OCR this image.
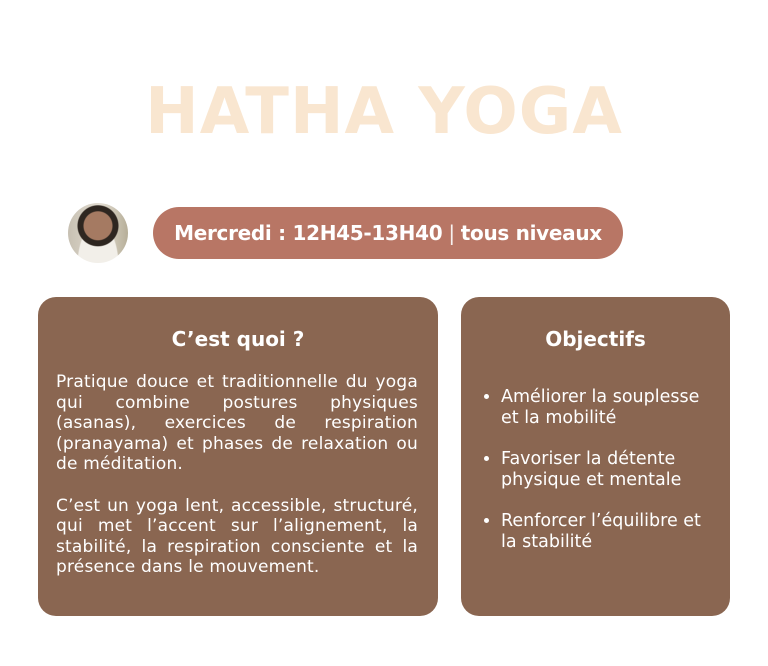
HATHA YOGA
Mercredi : 12H45-13H40 | tous niveaux
C’est quoi ?

Pratique douce et traditionnelle du yoga qui combine postures physiques (asanas), exercices de respiration (pranayama) et phases de relaxation ou de méditation.

C’est un yoga lent, accessible, structuré, qui met l’accent sur l’alignement, la stabilité, la respiration consciente et la présence dans le mouvement.

Objectifs
• Améliorer la souplesse et la mobilité
• Favoriser la détente physique et mentale
• Renforcer l’équilibre et la stabilité
